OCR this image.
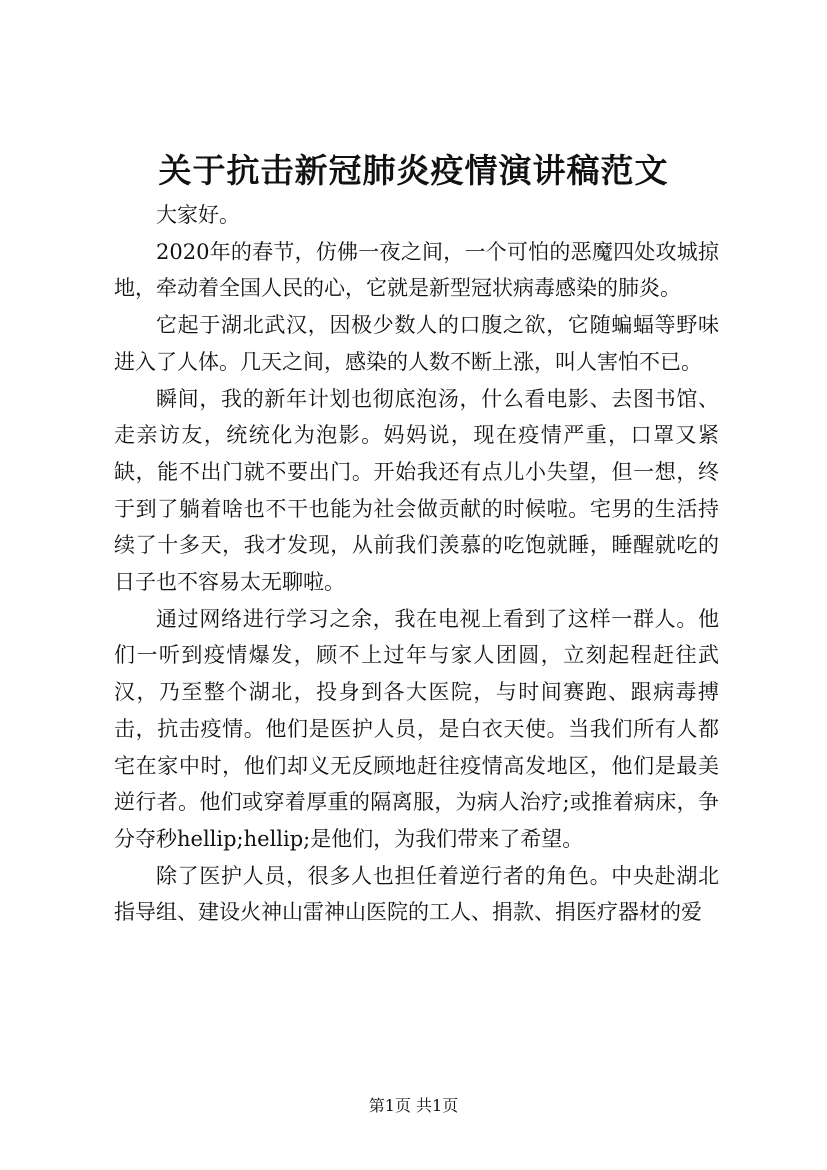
关于抗击新冠肺炎疫情演讲稿范文

大家好。

2020年的春节，仿佛一夜之间，一个可怕的恶魔四处攻城掠地，牵动着全国人民的心，它就是新型冠状病毒感染的肺炎。

它起于湖北武汉，因极少数人的口腹之欲，它随蝙蝠等野味进入了人体。几天之间，感染的人数不断上涨，叫人害怕不已。

瞬间，我的新年计划也彻底泡汤，什么看电影、去图书馆、走亲访友，统统化为泡影。妈妈说，现在疫情严重，口罩又紧缺，能不出门就不要出门。开始我还有点儿小失望，但一想，终于到了躺着啥也不干也能为社会做贡献的时候啦。宅男的生活持续了十多天，我才发现，从前我们羡慕的吃饱就睡，睡醒就吃的日子也不容易太无聊啦。

通过网络进行学习之余，我在电视上看到了这样一群人。他们一听到疫情爆发，顾不上过年与家人团圆，立刻起程赶往武汉，乃至整个湖北，投身到各大医院，与时间赛跑、跟病毒搏击，抗击疫情。他们是医护人员，是白衣天使。当我们所有人都宅在家中时，他们却义无反顾地赶往疫情高发地区，他们是最美逆行者。他们或穿着厚重的隔离服，为病人治疗;或推着病床，争分夺秒hellip;hellip;是他们，为我们带来了希望。

除了医护人员，很多人也担任着逆行者的角色。中央赴湖北指导组、建设火神山雷神山医院的工人、捐款、捐医疗器材的爱

第1页 共1页
